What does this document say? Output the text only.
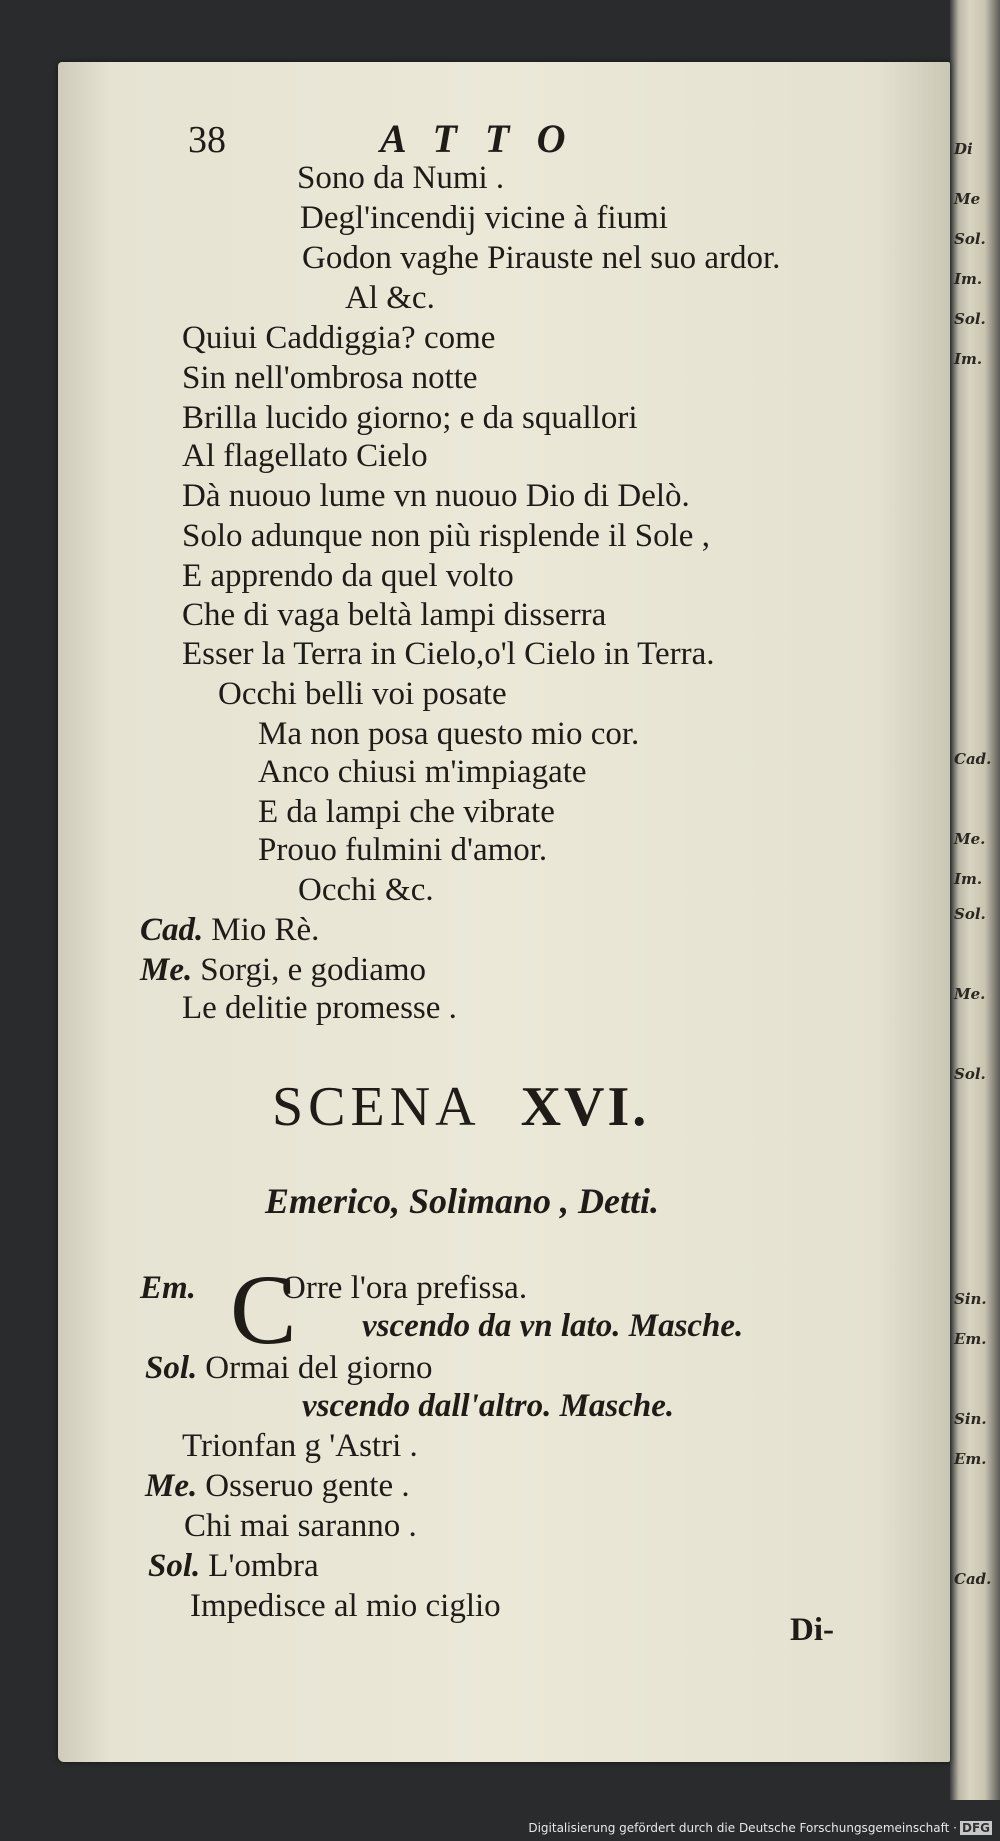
Di
Me
Sol.
Im.
Sol.
Im.
Cad.
Me.
Im.
Sol.
Me.
Sol.
Sin.
Em.
Sin.
Em.
Cad.
38	ATTO
Sono da Numi .
Degl'incendij vicine à fiumi
Godon vaghe Pirauste nel suo ardor.
Al &c.
Quiui Caddiggia? come
Sin nell'ombrosa notte
Brilla lucido giorno; e da squallori
Al flagellato Cielo
Dà nuouo lume vn nuouo Dio di Delò.
Solo adunque non più risplende il Sole ,
E apprendo da quel volto
Che di vaga beltà lampi disserra
Esser la Terra in Cielo,o'l Cielo in Terra.
Occhi belli voi posate
Ma non posa questo mio cor.
Anco chiusi m'impiagate
E da lampi che vibrate
Prouo fulmini d'amor.
Occhi &c.
Cad. Mio Rè.
Me. Sorgi, e godiamo
Le delitie promesse .
SCENA XVI.
Emerico, Solimano , Detti.
Em. C
Orre l'ora prefissa.
vscendo da vn lato. Masche.
Sol. Ormai del giorno
vscendo dall'altro. Masche.
Trionfan g 'Astri .
Me. Osseruo gente .
Chi mai saranno .
Sol. L'ombra
Impedisce al mio ciglio
Di-
Digitalisierung gefördert durch die Deutsche Forschungsgemeinschaft · DFG
